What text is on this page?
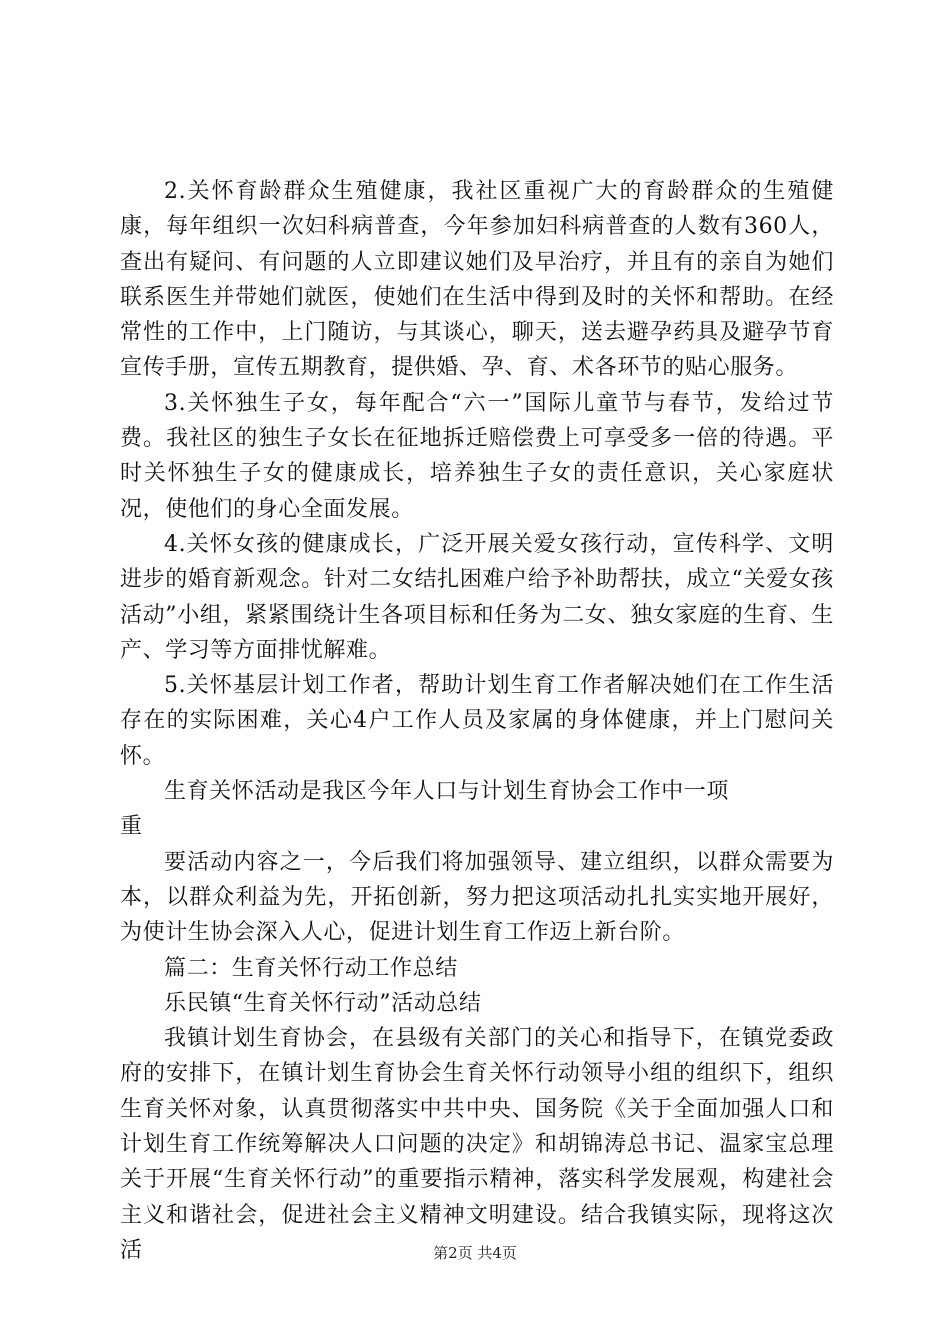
2.关怀育龄群众生殖健康，我社区重视广大的育龄群众的生殖健康，每年组织一次妇科病普查，今年参加妇科病普查的人数有360人，查出有疑问、有问题的人立即建议她们及早治疗，并且有的亲自为她们联系医生并带她们就医，使她们在生活中得到及时的关怀和帮助。在经常性的工作中，上门随访，与其谈心，聊天，送去避孕药具及避孕节育宣传手册，宣传五期教育，提供婚、孕、育、术各环节的贴心服务。

3.关怀独生子女，每年配合“六一”国际儿童节与春节，发给过节费。我社区的独生子女长在征地拆迁赔偿费上可享受多一倍的待遇。平时关怀独生子女的健康成长，培养独生子女的责任意识，关心家庭状况，使他们的身心全面发展。

4.关怀女孩的健康成长，广泛开展关爱女孩行动，宣传科学、文明进步的婚育新观念。针对二女结扎困难户给予补助帮扶，成立“关爱女孩活动”小组，紧紧围绕计生各项目标和任务为二女、独女家庭的生育、生产、学习等方面排忧解难。

5.关怀基层计划工作者，帮助计划生育工作者解决她们在工作生活存在的实际困难，关心4户工作人员及家属的身体健康，并上门慰问关怀。

生育关怀活动是我区今年人口与计划生育协会工作中一项

重

要活动内容之一，今后我们将加强领导、建立组织，以群众需要为本，以群众利益为先，开拓创新，努力把这项活动扎扎实实地开展好，为使计生协会深入人心，促进计划生育工作迈上新台阶。

篇二：生育关怀行动工作总结

乐民镇“生育关怀行动”活动总结

我镇计划生育协会，在县级有关部门的关心和指导下，在镇党委政府的安排下，在镇计划生育协会生育关怀行动领导小组的组织下，组织生育关怀对象，认真贯彻落实中共中央、国务院《关于全面加强人口和计划生育工作统筹解决人口问题的决定》和胡锦涛总书记、温家宝总理关于开展“生育关怀行动”的重要指示精神，落实科学发展观，构建社会主义和谐社会，促进社会主义精神文明建设。结合我镇实际，现将这次活	第2页 共4页
